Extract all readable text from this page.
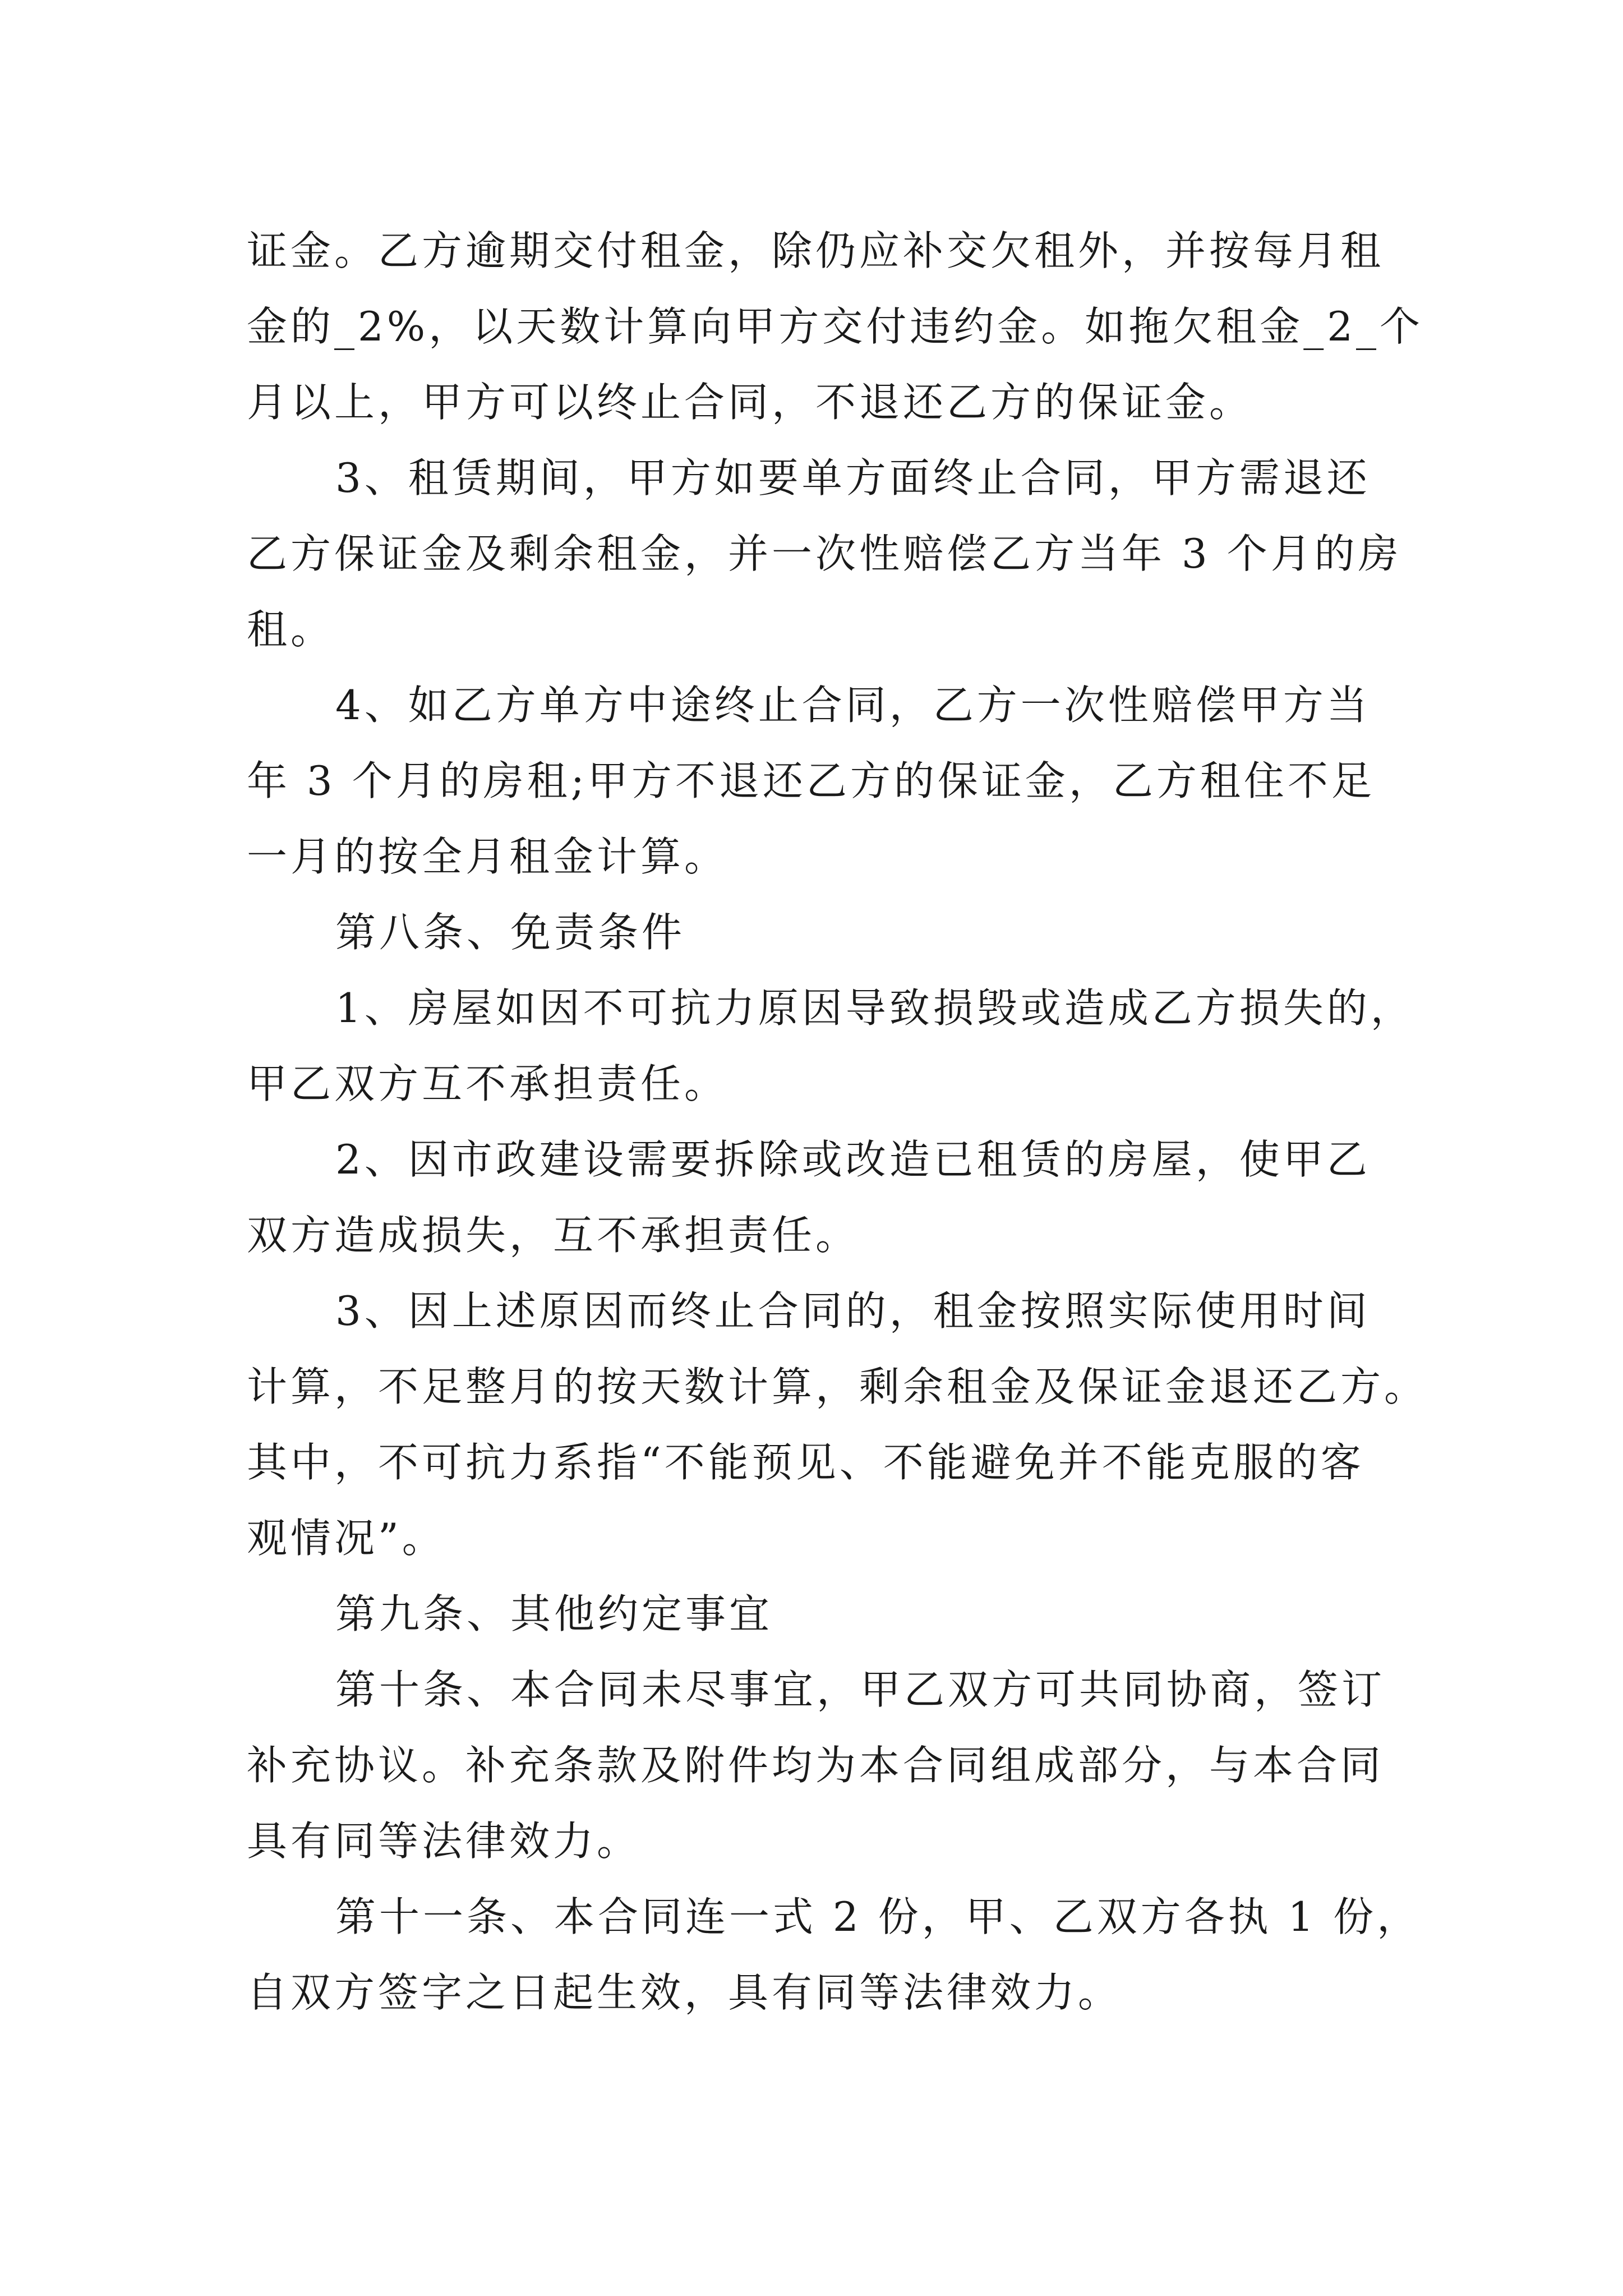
证金。乙方逾期交付租金，除仍应补交欠租外，并按每月租
金的_2%，以天数计算向甲方交付违约金。如拖欠租金_2_个
月以上，甲方可以终止合同，不退还乙方的保证金。
3、租赁期间，甲方如要单方面终止合同，甲方需退还
乙方保证金及剩余租金，并一次性赔偿乙方当年 3 个月的房
租。
4、如乙方单方中途终止合同，乙方一次性赔偿甲方当
年 3 个月的房租;甲方不退还乙方的保证金，乙方租住不足
一月的按全月租金计算。
第八条、免责条件
1、房屋如因不可抗力原因导致损毁或造成乙方损失的，
甲乙双方互不承担责任。
2、因市政建设需要拆除或改造已租赁的房屋，使甲乙
双方造成损失，互不承担责任。
3、因上述原因而终止合同的，租金按照实际使用时间
计算，不足整月的按天数计算，剩余租金及保证金退还乙方。
其中，不可抗力系指“不能预见、不能避免并不能克服的客
观情况”。
第九条、其他约定事宜
第十条、本合同未尽事宜，甲乙双方可共同协商，签订
补充协议。补充条款及附件均为本合同组成部分，与本合同
具有同等法律效力。
第十一条、本合同连一式 2 份，甲、乙双方各执 1 份，
自双方签字之日起生效，具有同等法律效力。
